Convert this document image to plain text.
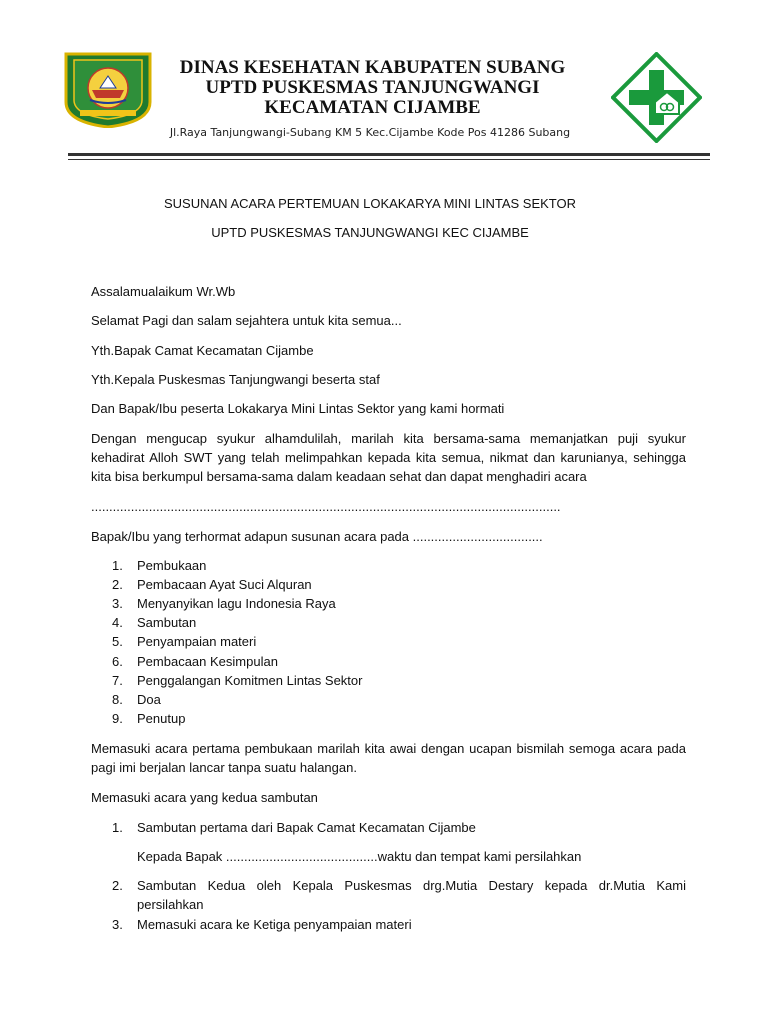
DINAS KESEHATAN KABUPATEN SUBANG
UPTD PUSKESMAS TANJUNGWANGI
KECAMATAN CIJAMBE
Jl.Raya Tanjungwangi-Subang KM 5 Kec.Cijambe Kode Pos 41286 Subang
SUSUNAN ACARA PERTEMUAN LOKAKARYA MINI LINTAS SEKTOR
UPTD PUSKESMAS TANJUNGWANGI KEC CIJAMBE
Assalamualaikum Wr.Wb
Selamat Pagi dan salam sejahtera untuk kita semua...
Yth.Bapak Camat Kecamatan Cijambe
Yth.Kepala Puskesmas Tanjungwangi beserta staf
Dan Bapak/Ibu peserta Lokakarya Mini Lintas Sektor yang kami hormati
Dengan mengucap syukur alhamdulilah, marilah kita bersama-sama memanjatkan puji syukur kehadirat Alloh SWT yang telah melimpahkan kepada kita semua, nikmat dan karunianya, sehingga kita bisa berkumpul bersama-sama dalam keadaan sehat dan dapat menghadiri acara
..................................................................................................................................
Bapak/Ibu yang terhormat adapun susunan acara pada ....................................
1.	Pembukaan
2.	Pembacaan Ayat Suci Alquran
3.	Menyanyikan lagu Indonesia Raya
4.	Sambutan
5.	Penyampaian materi
6.	Pembacaan Kesimpulan
7.	Penggalangan Komitmen Lintas Sektor
8.	Doa
9.	Penutup
Memasuki acara pertama pembukaan marilah kita awai dengan ucapan bismilah semoga acara pada pagi imi berjalan lancar tanpa suatu halangan.
Memasuki acara yang kedua sambutan
1.	Sambutan pertama dari Bapak Camat Kecamatan Cijambe
Kepada Bapak ..........................................waktu dan tempat kami persilahkan
2.	Sambutan Kedua oleh Kepala Puskesmas drg.Mutia Destary kepada dr.Mutia Kami persilahkan
3.	Memasuki acara ke Ketiga penyampaian materi
